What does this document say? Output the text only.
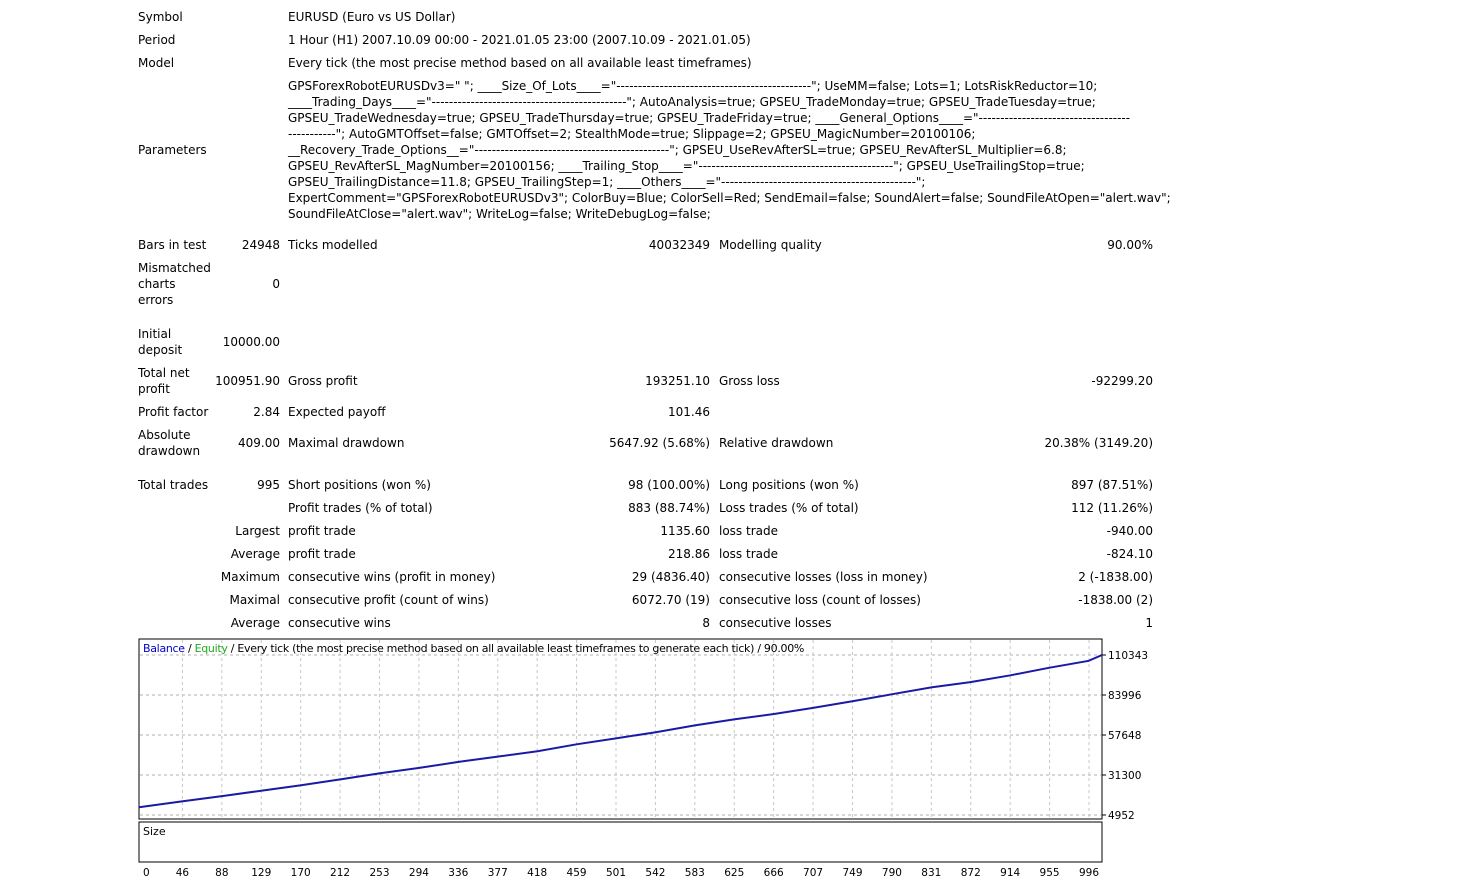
Symbol	EURUSD (Euro vs US Dollar)
Period	1 Hour (H1) 2007.10.09 00:00 - 2021.01.05 23:00 (2007.10.09 - 2021.01.05)
Model	Every tick (the most precise method based on all available least timeframes)
Parameters
GPSForexRobotEURUSDv3=" "; ____Size_Of_Lots____="---------------------------------------------"; UseMM=false; Lots=1; LotsRiskReductor=10;
____Trading_Days____="---------------------------------------------"; AutoAnalysis=true; GPSEU_TradeMonday=true; GPSEU_TradeTuesday=true;
GPSEU_TradeWednesday=true; GPSEU_TradeThursday=true; GPSEU_TradeFriday=true; ____General_Options____="-----------------------------------
-----------"; AutoGMTOffset=false; GMTOffset=2; StealthMode=true; Slippage=2; GPSEU_MagicNumber=20100106;
__Recovery_Trade_Options__="---------------------------------------------"; GPSEU_UseRevAfterSL=true; GPSEU_RevAfterSL_Multiplier=6.8;
GPSEU_RevAfterSL_MagNumber=20100156; ____Trailing_Stop____="---------------------------------------------"; GPSEU_UseTrailingStop=true;
GPSEU_TrailingDistance=11.8; GPSEU_TrailingStep=1; ____Others____="---------------------------------------------";
ExpertComment="GPSForexRobotEURUSDv3"; ColorBuy=Blue; ColorSell=Red; SendEmail=false; SoundAlert=false; SoundFileAtOpen="alert.wav";
SoundFileAtClose="alert.wav"; WriteLog=false; WriteDebugLog=false;
Bars in test	24948 Ticks modelled	40032349 Modelling quality	90.00%
Mismatched
charts
errors
0
Initial
deposit
10000.00
Total net
profit
100951.90 Gross profit	193251.10 Gross loss	-92299.20
Profit factor	2.84 Expected payoff	101.46
Absolute
drawdown
409.00 Maximal drawdown	5647.92 (5.68%) Relative drawdown	20.38% (3149.20)
Total trades	995 Short positions (won %)	98 (100.00%) Long positions (won %)	897 (87.51%)
Profit trades (% of total)	883 (88.74%) Loss trades (% of total)	112 (11.26%)
Largest profit trade	1135.60 loss trade	-940.00
Average profit trade	218.86 loss trade	-824.10
Maximum consecutive wins (profit in money)	29 (4836.40) consecutive losses (loss in money)	2 (-1838.00)
Maximal consecutive profit (count of wins)	6072.70 (19) consecutive loss (count of losses)	-1838.00 (2)
Average consecutive wins	8 consecutive losses	1
110343
83996
57648
31300
4952
0 46 88 129 170 212 253 294 336 377 418 459 501 542 583 625 666 707 749 790 831 872 914 955 996
Balance / Equity / Every tick (the most precise method based on all available least timeframes to generate each tick) / 90.00%
Size
